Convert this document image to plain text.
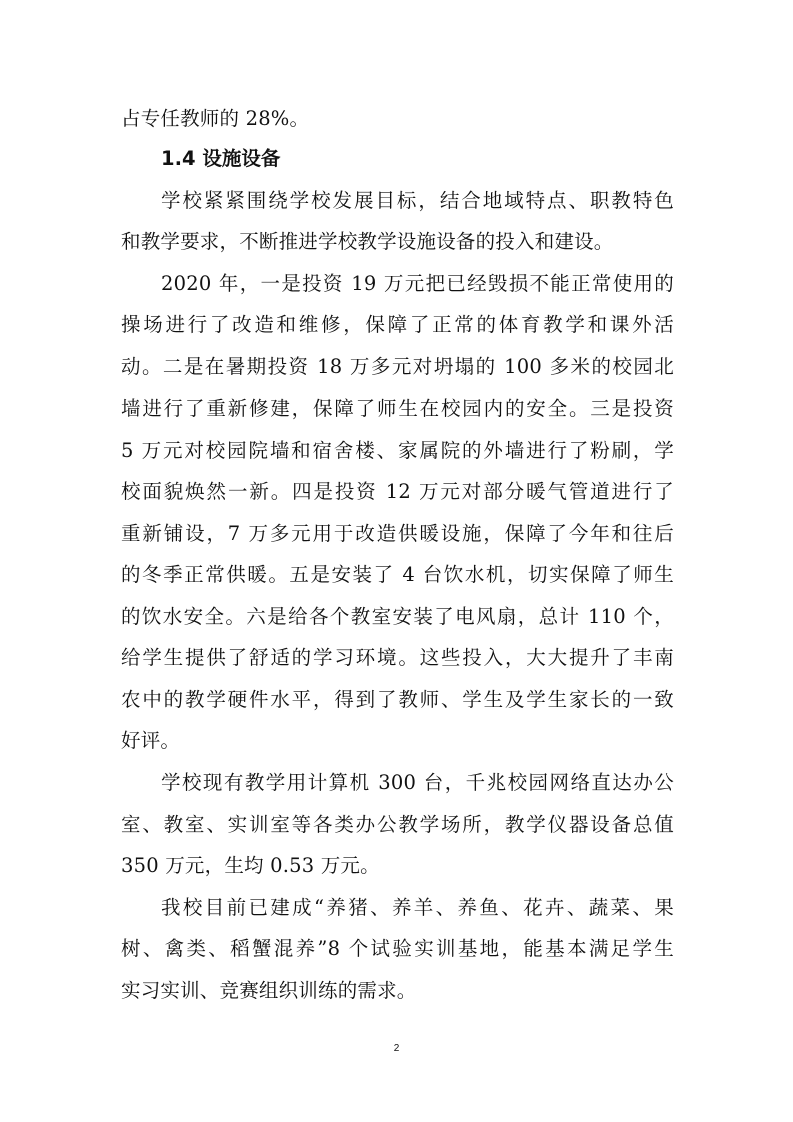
占专任教师的 28%。
1.4 设施设备
学校紧紧围绕学校发展目标，结合地域特点、职教特色
和教学要求，不断推进学校教学设施设备的投入和建设。
2020 年，一是投资 19 万元把已经毁损不能正常使用的
操场进行了改造和维修，保障了正常的体育教学和课外活
动。二是在暑期投资 18 万多元对坍塌的 100 多米的校园北
墙进行了重新修建，保障了师生在校园内的安全。三是投资
5 万元对校园院墙和宿舍楼、家属院的外墙进行了粉刷，学
校面貌焕然一新。四是投资 12 万元对部分暖气管道进行了
重新铺设，7 万多元用于改造供暖设施，保障了今年和往后
的冬季正常供暖。五是安装了 4 台饮水机，切实保障了师生
的饮水安全。六是给各个教室安装了电风扇，总计 110 个，
给学生提供了舒适的学习环境。这些投入，大大提升了丰南
农中的教学硬件水平，得到了教师、学生及学生家长的一致
好评。
学校现有教学用计算机 300 台，千兆校园网络直达办公
室、教室、实训室等各类办公教学场所，教学仪器设备总值
350 万元，生均 0.53 万元。
我校目前已建成“养猪、养羊、养鱼、花卉、蔬菜、果
树、禽类、稻蟹混养”8 个试验实训基地，能基本满足学生
实习实训、竞赛组织训练的需求。
2
